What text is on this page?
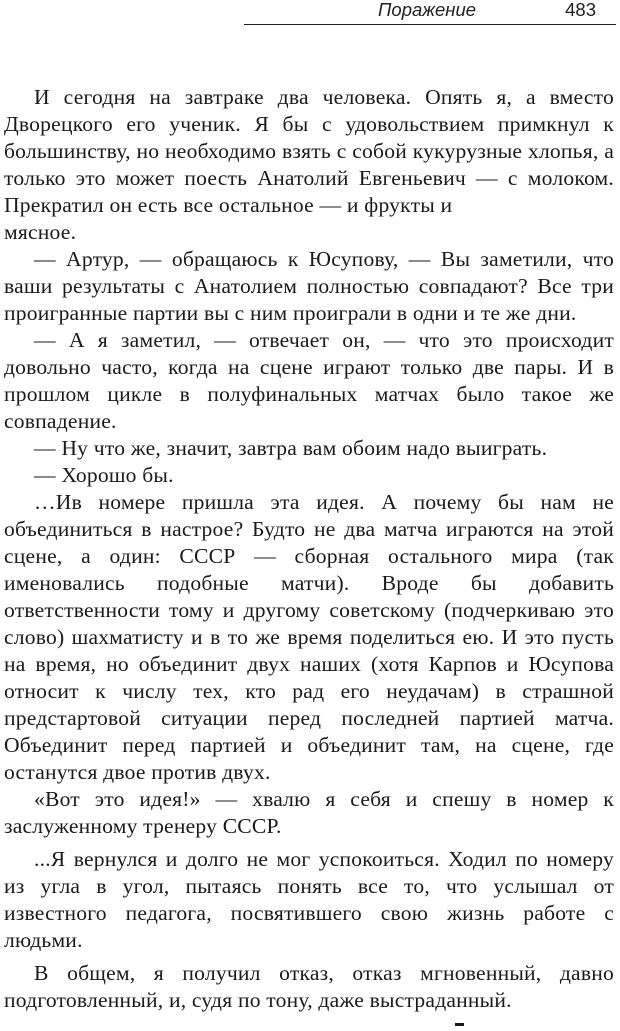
Поражение	483

И сегодня на завтраке два человека. Опять я, а вместо Дворецкого его ученик. Я бы с удовольствием примкнул к большинству, но необходимо взять с собой кукурузные хлопья, а только это может поесть Анатолий Евгеньевич — с молоком. Прекратил он есть все остальное — и фрукты и

мясное.

— Артур, — обращаюсь к Юсупову, — Вы заметили, что ваши результаты с Анатолием полностью совпадают? Все три проигранные партии вы с ним проиграли в одни и те же дни.

— А я заметил, — отвечает он, — что это происходит довольно часто, когда на сцене играют только две пары. И в прошлом цикле в полуфинальных матчах было такое же совпадение.

— Ну что же, значит, завтра вам обоим надо выиграть.

— Хорошо бы.

…Ив номере пришла эта идея. А почему бы нам не объединиться в настрое? Будто не два матча играются на этой сцене, а один: СССР — сборная остального мира (так именовались подобные матчи). Вроде бы добавить ответственности тому и другому советскому (подчеркиваю это слово) шахматисту и в то же время поделиться ею. И это пусть на время, но объединит двух наших (хотя Карпов и Юсупова относит к числу тех, кто рад его неудачам) в страшной предстартовой ситуации перед последней партией матча. Объединит перед партией и объединит там, на сцене, где останутся двое против двух.

«Вот это идея!» — хвалю я себя и спешу в номер к заслуженному тренеру СССР.

...Я вернулся и долго не мог успокоиться. Ходил по номеру из угла в угол, пытаясь понять все то, что услышал от известного педагога, посвятившего свою жизнь работе с людьми.

В общем, я получил отказ, отказ мгновенный, давно подготовленный, и, судя по тону, даже выстраданный.
